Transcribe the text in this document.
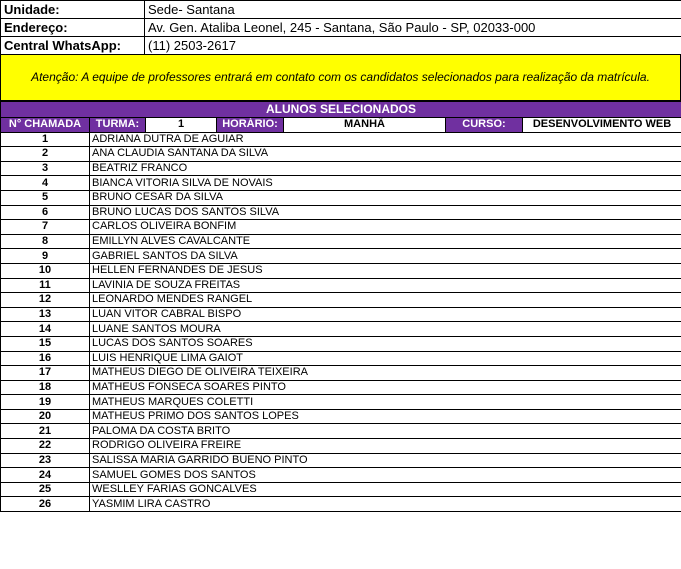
Unidade:	Sede- Santana
Endereço:	Av. Gen. Ataliba Leonel, 245 - Santana, São Paulo - SP, 02033-000
Central WhatsApp:	(11) 2503-2617
Atenção: A equipe de professores entrará em contato com os candidatos selecionados para realização da matrícula.
ALUNOS SELECIONADOS						
N° CHAMADA	TURMA:	1	HORÁRIO:	MANHÃ	CURSO:	DESENVOLVIMENTO WEB
1	ADRIANA DUTRA DE AGUIAR					
2	ANA CLAUDIA SANTANA DA SILVA					
3	BEATRIZ FRANCO					
4	BIANCA VITORIA SILVA DE NOVAIS					
5	BRUNO CESAR DA SILVA					
6	BRUNO LUCAS DOS SANTOS SILVA					
7	CARLOS OLIVEIRA BONFIM					
8	EMILLYN ALVES CAVALCANTE					
9	GABRIEL SANTOS DA SILVA					
10	HELLEN FERNANDES DE JESUS					
11	LAVINIA DE SOUZA FREITAS					
12	LEONARDO MENDES RANGEL					
13	LUAN VITOR CABRAL BISPO					
14	LUANE SANTOS MOURA					
15	LUCAS DOS SANTOS SOARES					
16	LUIS HENRIQUE LIMA GAIOT					
17	MATHEUS DIEGO DE OLIVEIRA TEIXEIRA					
18	MATHEUS FONSECA SOARES PINTO					
19	MATHEUS MARQUES COLETTI					
20	MATHEUS PRIMO DOS SANTOS LOPES					
21	PALOMA DA COSTA BRITO					
22	RODRIGO OLIVEIRA FREIRE					
23	SALISSA MARIA GARRIDO BUENO PINTO					
24	SAMUEL GOMES DOS SANTOS					
25	WESLLEY FARIAS GONCALVES					
26	YASMIM LIRA CASTRO					
